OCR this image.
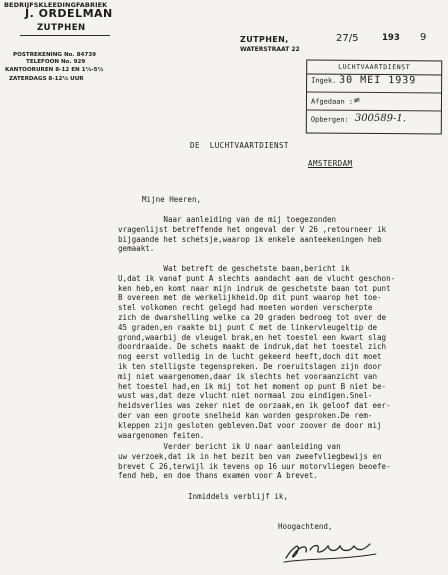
BEDRIJFSKLEEDINGFABRIEK
J. ORDELMAN
ZUTPHEN
POSTREKENING No. 84739
TELEFOON No. 929
KANTOORUREN 8-12 EN 1½-5½
ZATERDAGS 8-12½ UUR
ZUTPHEN,
WATERSTRAAT 22
27/5	193 9
LUCHTVAARTDIENST
Ingek. 30 MEI 1939
Afgedaan : ≠
Opbergen: 300589-1.
DE  LUCHTVAARTDIENST
AMSTERDAM
Mijne Heeren,
Naar aanleiding van de mij toegezonden
vragenlijst betreffende het ongeval der V 26 ,retourneer ik
bijgaande het schetsje,waarop ik enkele aanteekeningen heb
gemaakt.
Wat betreft de geschetste baan,bericht ik
U,dat ik vanaf punt A slechts aandacht aan de vlucht geschon-
ken heb,en komt naar mijn indruk de geschetste baan tot punt
B overeen met de werkelijkheid.Op dit punt waarop het toe-
stel volkomen recht gelegd had moeten worden verscherpte
zich de dwarshelling welke ca 20 graden bedroeg tot over de
45 graden,en raakte bij punt C met de linkervleugeltip de
grond,waarbij de vleugel brak,en het toestel een kwart slag
doordraaide. De schets maakt de indruk,dat het toestel zich
nog eerst volledig in de lucht gekeerd heeft,doch dit moet
ik ten stelligste tegenspreken. De roeruitslagen zijn door
mij niet waargenomen,daar ik slechts het vooraanzicht van
het toestel had,en ik mij tot het moment op punt B niet be-
wust was,dat deze vlucht niet normaal zou eindigen.Snel-
heidsverlies was zeker niet de oorzaak,en ik geloof dat eer-
der van een groote snelheid kan worden gesproken.De rem-
kleppen zijn gesloten gebleven.Dat voor zoover de door mij
waargenomen feiten.
Verder bericht ik U naar aanleiding van
uw verzoek,dat ik in het bezit ben van zweefvliegbewijs en
brevet C 26,terwijl ik tevens op 16 uur motorvliegen beoefe-
fend heb, en doe thans examen voor A brevet.
Inmiddels verblijf ik,
Hoogachtend,
